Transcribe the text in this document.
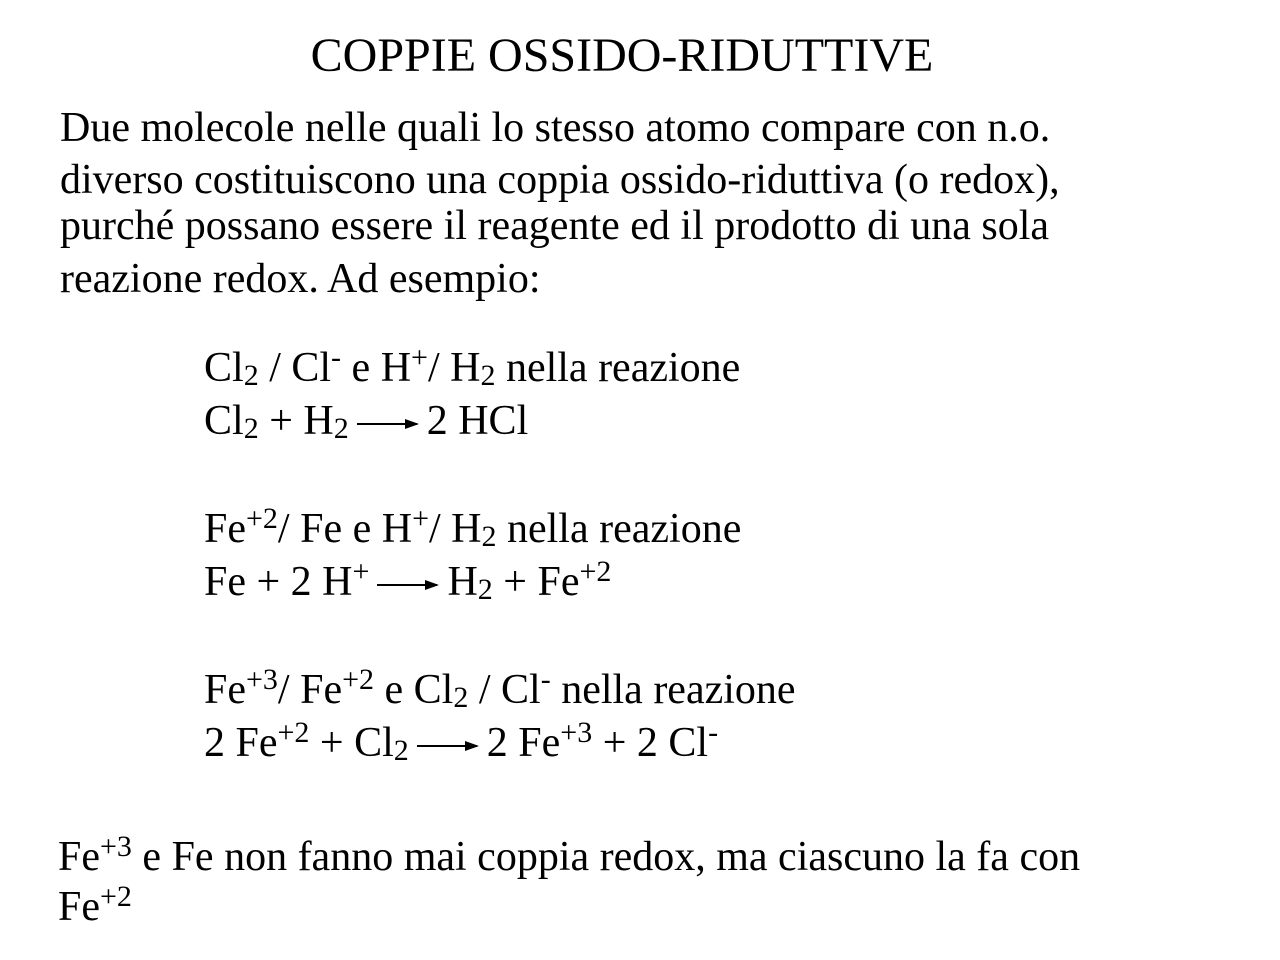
COPPIE OSSIDO-RIDUTTIVE
Due molecole nelle quali lo stesso atomo compare con n.o.
diverso costituiscono una coppia ossido-riduttiva (o redox),
purché possano essere il reagente ed il prodotto di una sola
reazione redox. Ad esempio:
$Cl_2 / Cl^-$ e H+/ $H_2$ nella reazione
$Cl_2 + H_2 \to 2$ HCl
$Fe^{+2}/$ Fe e H+/ $H_2$ nella reazione
Fe + 2 $H^+ \to H_2 + Fe^{+2}$
$Fe^{+3}/$ $Fe^{+2}$ e $Cl_2 / Cl^-$ nella reazione
2 $Fe^{+2} + Cl_2 \to 2$ $Fe^{+3} + 2$ Cl-
$Fe^{+3}$ e Fe non fanno mai coppia redox, ma ciascuno la fa con
$Fe^{+2}$
